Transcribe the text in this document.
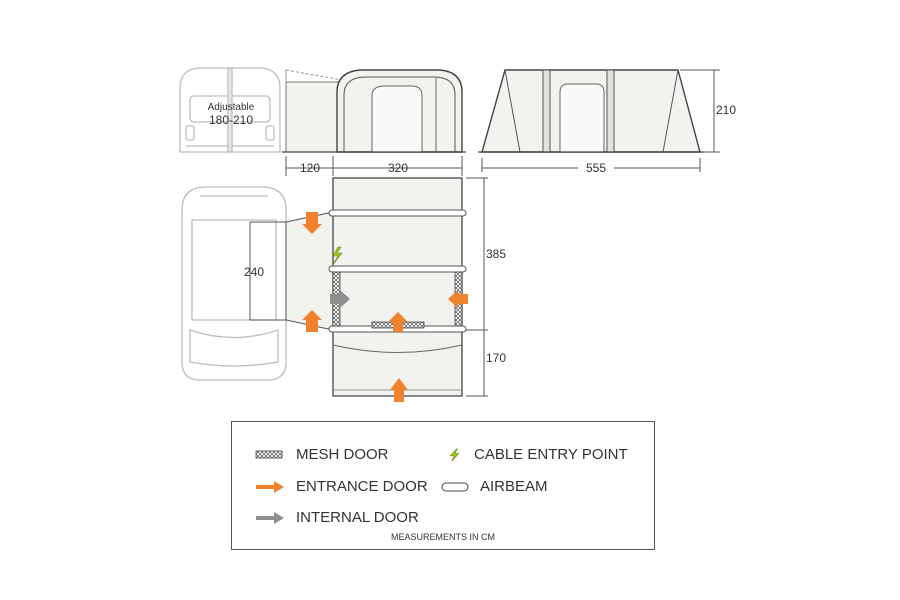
Adjustable
180-210
120	320
210
555
240
385
170
MESH DOOR
ENTRANCE DOOR
INTERNAL DOOR
CABLE ENTRY POINT
AIRBEAM
MEASUREMENTS IN CM
